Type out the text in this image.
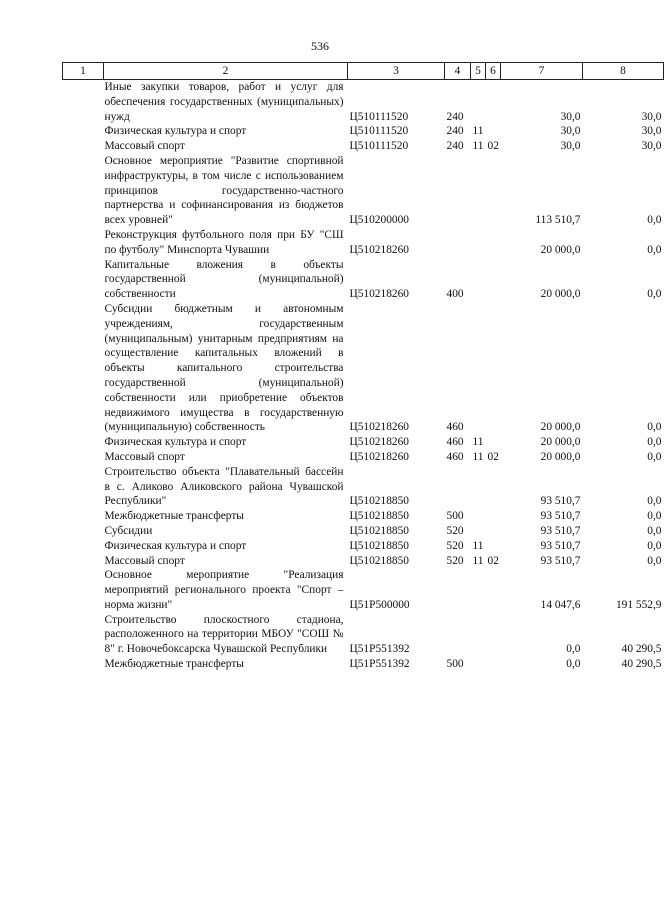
536
1	2	3	4	5	6	7	8
Иные закупки товаров, работ и услуг для обеспечения государственных (муниципальных) нужд		Ц510111520	240			30,0	30,0
Физическая культура и спорт		Ц510111520	240	11		30,0	30,0
Массовый спорт		Ц510111520	240	11	02	30,0	30,0
Основное мероприятие "Развитие спортивной инфраструктуры, в том числе с использованием принципов государственно-частного партнерства и софинансирования из бюджетов всех уровней"		Ц510200000				113 510,7	0,0
Реконструкция футбольного поля при БУ "СШ по футболу" Минспорта Чувашии		Ц510218260				20 000,0	0,0
Капитальные вложения в объекты государственной (муниципальной) собственности		Ц510218260	400			20 000,0	0,0
Субсидии бюджетным и автономным учреждениям, государственным (муниципальным) унитарным предприятиям на осуществление капитальных вложений в объекты капитального строительства государственной (муниципальной) собственности или приобретение объектов недвижимого имущества в государственную (муниципальную) собственность		Ц510218260	460			20 000,0	0,0
Физическая культура и спорт		Ц510218260	460	11		20 000,0	0,0
Массовый спорт		Ц510218260	460	11	02	20 000,0	0,0
Строительство объекта "Плавательный бассейн в с. Аликово Аликовского района Чувашской Республики"		Ц510218850				93 510,7	0,0
Межбюджетные трансферты		Ц510218850	500			93 510,7	0,0
Субсидии		Ц510218850	520			93 510,7	0,0
Физическая культура и спорт		Ц510218850	520	11		93 510,7	0,0
Массовый спорт		Ц510218850	520	11	02	93 510,7	0,0
Основное мероприятие "Реализация мероприятий регионального проекта "Спорт – норма жизни"		Ц51P500000				14 047,6	191 552,9
Строительство плоскостного стадиона, расположенного на территории МБОУ "СОШ № 8" г. Новочебоксарска Чувашской Республики		Ц51P551392				0,0	40 290,5
Межбюджетные трансферты		Ц51P551392	500			0,0	40 290,5
